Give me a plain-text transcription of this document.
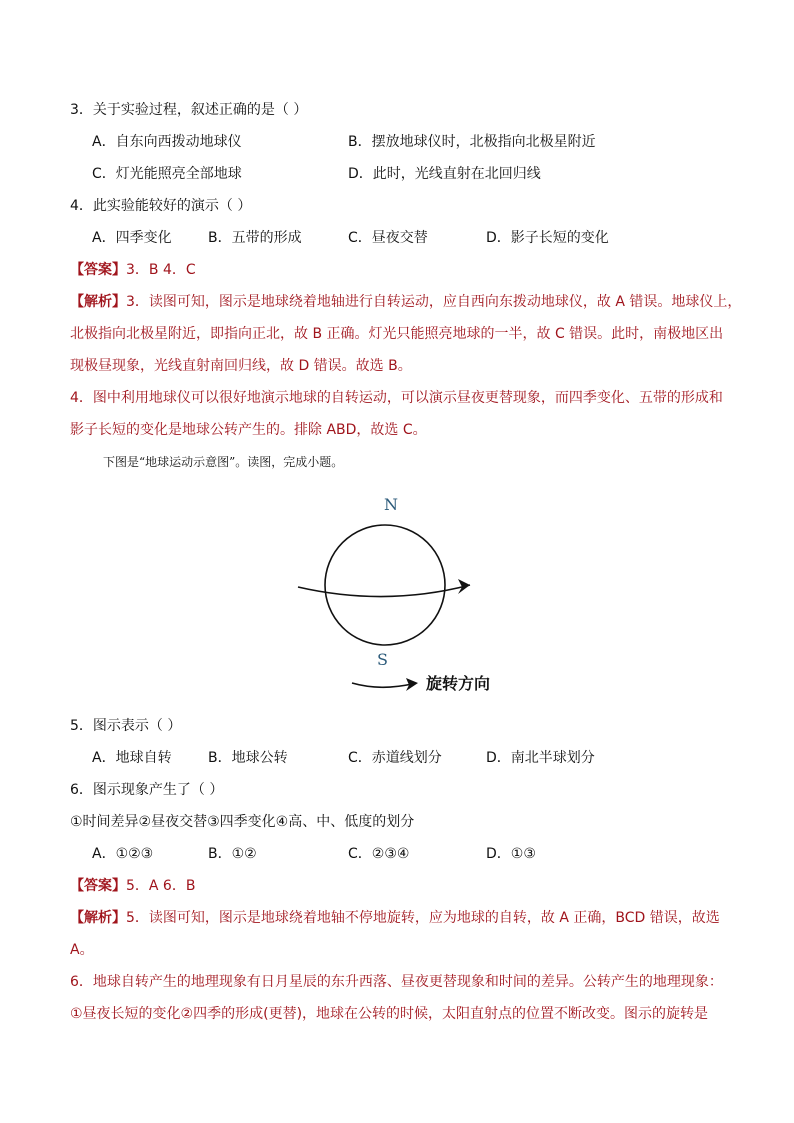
3．关于实验过程，叙述正确的是（ ）
A．自东向西拨动地球仪	B．摆放地球仪时，北极指向北极星附近
C．灯光能照亮全部地球	D．此时，光线直射在北回归线
4．此实验能较好的演示（ ）
A．四季变化	B．五带的形成	C．昼夜交替	D．影子长短的变化
【答案】3．B 4．C
【解析】3．读图可知，图示是地球绕着地轴进行自转运动，应自西向东拨动地球仪，故 A 错误。地球仪上，
北极指向北极星附近，即指向正北，故 B 正确。灯光只能照亮地球的一半，故 C 错误。此时，南极地区出
现极昼现象，光线直射南回归线，故 D 错误。故选 B。
4．图中利用地球仪可以很好地演示地球的自转运动，可以演示昼夜更替现象，而四季变化、五带的形成和
影子长短的变化是地球公转产生的。排除 ABD，故选 C。
下图是“地球运动示意图”。读图，完成小题。
N
S
旋转方向
5．图示表示（ ）
A．地球自转	B．地球公转	C．赤道线划分	D．南北半球划分
6．图示现象产生了（ ）
①时间差异②昼夜交替③四季变化④高、中、低度的划分
A．①②③	B．①②	C．②③④	D．①③
【答案】5．A 6．B
【解析】5．读图可知，图示是地球绕着地轴不停地旋转，应为地球的自转，故 A 正确，BCD 错误，故选
A。
6．地球自转产生的地理现象有日月星辰的东升西落、昼夜更替现象和时间的差异。公转产生的地理现象：
①昼夜长短的变化②四季的形成(更替)，地球在公转的时候，太阳直射点的位置不断改变。图示的旋转是
